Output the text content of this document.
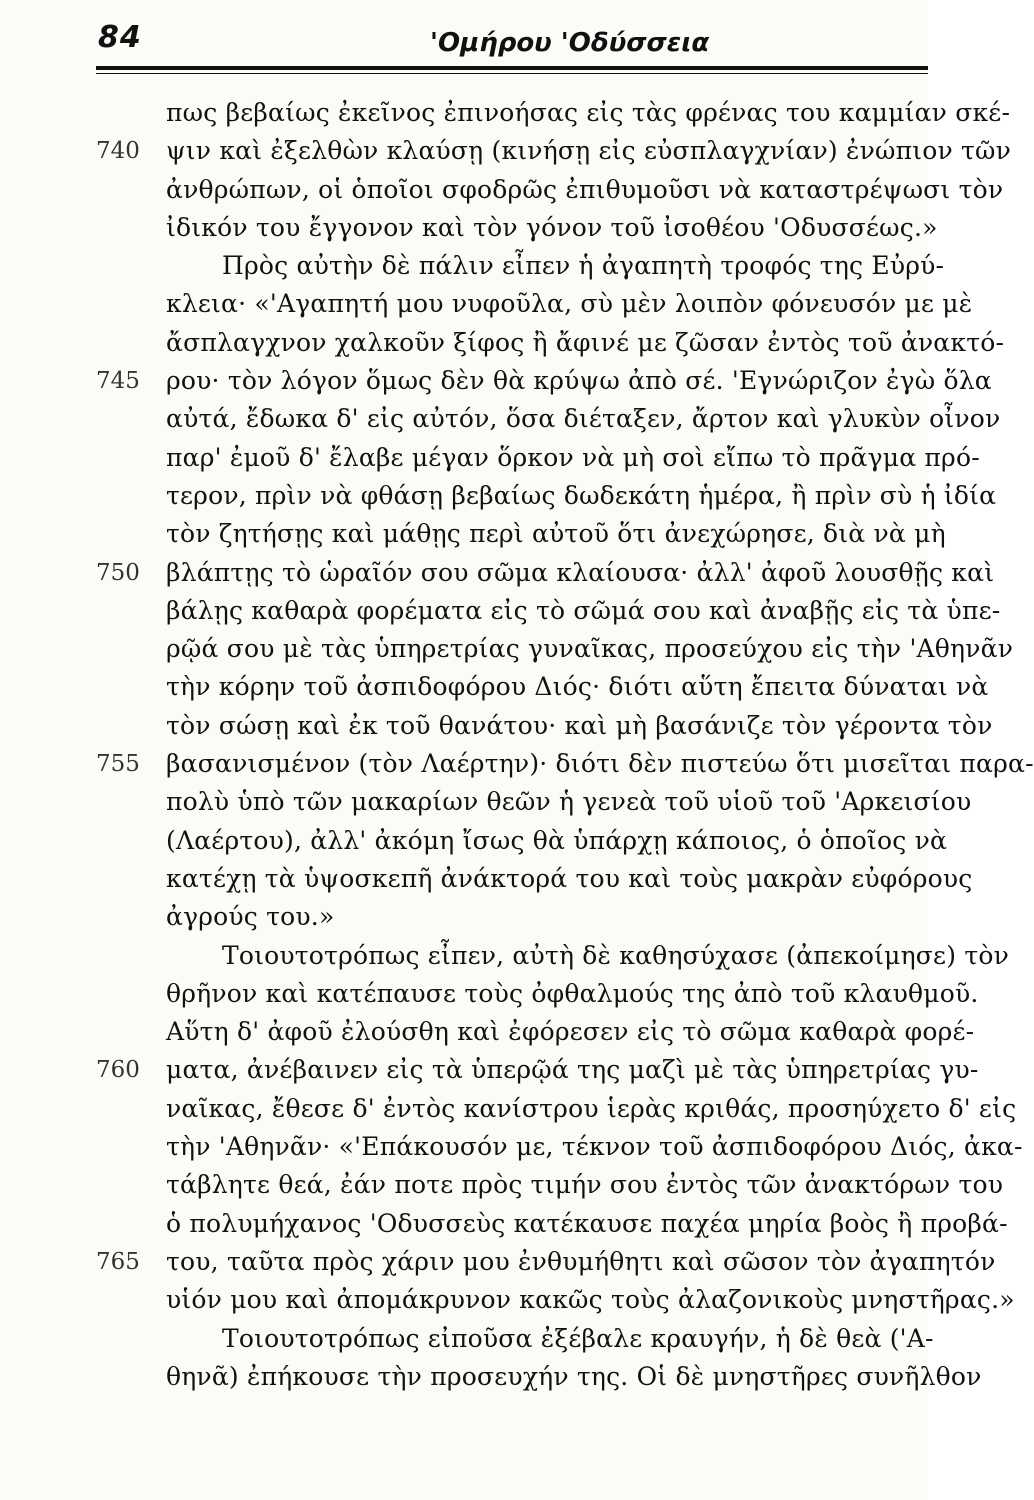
84	'Ομήρου 'Οδύσσεια
πως βεβαίως ἐκεῖνος ἐπινοήσας εἰς τὰς φρένας του καμμίαν σκέ-
740	ψιν καὶ ἐξελθὼν κλαύσῃ (κινήσῃ εἰς εὐσπλαγχνίαν) ἐνώπιον τῶν
ἀνθρώπων, οἱ ὁποῖοι σφοδρῶς ἐπιθυμοῦσι νὰ καταστρέψωσι τὸν
ἰδικόν του ἔγγονον καὶ τὸν γόνον τοῦ ἰσοθέου 'Οδυσσέως.»
Πρὸς αὐτὴν δὲ πάλιν εἶπεν ἡ ἀγαπητὴ τροφός της Εὐρύ-
κλεια· «'Αγαπητή μου νυφοῦλα, σὺ μὲν λοιπὸν φόνευσόν με μὲ
ἄσπλαγχνον χαλκοῦν ξίφος ἢ ἄφινέ με ζῶσαν ἐντὸς τοῦ ἀνακτό-
745	ρου· τὸν λόγον ὅμως δὲν θὰ κρύψω ἀπὸ σέ. 'Εγνώριζον ἐγὼ ὅλα
αὐτά, ἔδωκα δ' εἰς αὐτόν, ὅσα διέταξεν, ἄρτον καὶ γλυκὺν οἶνον
παρ' ἐμοῦ δ' ἔλαβε μέγαν ὅρκον νὰ μὴ σοὶ εἴπω τὸ πρᾶγμα πρό-
τερον, πρὶν νὰ φθάσῃ βεβαίως δωδεκάτη ἡμέρα, ἢ πρὶν σὺ ἡ ἰδία
τὸν ζητήσῃς καὶ μάθῃς περὶ αὐτοῦ ὅτι ἀνεχώρησε, διὰ νὰ μὴ
750	βλάπτῃς τὸ ὡραῖόν σου σῶμα κλαίουσα· ἀλλ' ἀφοῦ λουσθῇς καὶ
βάλῃς καθαρὰ φορέματα εἰς τὸ σῶμά σου καὶ ἀναβῇς εἰς τὰ ὑπε-
ρῷά σου μὲ τὰς ὑπηρετρίας γυναῖκας, προσεύχου εἰς τὴν 'Αθηνᾶν
τὴν κόρην τοῦ ἀσπιδοφόρου Διός· διότι αὕτη ἔπειτα δύναται νὰ
τὸν σώσῃ καὶ ἐκ τοῦ θανάτου· καὶ μὴ βασάνιζε τὸν γέροντα τὸν
755	βασανισμένον (τὸν Λαέρτην)· διότι δὲν πιστεύω ὅτι μισεῖται παρα-
πολὺ ὑπὸ τῶν μακαρίων θεῶν ἡ γενεὰ τοῦ υἱοῦ τοῦ 'Αρκεισίου
(Λαέρτου), ἀλλ' ἀκόμη ἴσως θὰ ὑπάρχῃ κάποιος, ὁ ὁποῖος νὰ
κατέχῃ τὰ ὑψοσκεπῆ ἀνάκτορά του καὶ τοὺς μακρὰν εὐφόρους
ἀγρούς του.»
Τοιουτοτρόπως εἶπεν, αὐτὴ δὲ καθησύχασε (ἀπεκοίμησε) τὸν
θρῆνον καὶ κατέπαυσε τοὺς ὀφθαλμούς της ἀπὸ τοῦ κλαυθμοῦ.
Αὕτη δ' ἀφοῦ ἐλούσθη καὶ ἐφόρεσεν εἰς τὸ σῶμα καθαρὰ φορέ-
760	ματα, ἀνέβαινεν εἰς τὰ ὑπερῷά της μαζὶ μὲ τὰς ὑπηρετρίας γυ-
ναῖκας, ἔθεσε δ' ἐντὸς κανίστρου ἱερὰς κριθάς, προσηύχετο δ' εἰς
τὴν 'Αθηνᾶν· «'Επάκουσόν με, τέκνον τοῦ ἀσπιδοφόρου Διός, ἀκα-
τάβλητε θεά, ἐάν ποτε πρὸς τιμήν σου ἐντὸς τῶν ἀνακτόρων του
ὁ πολυμήχανος 'Οδυσσεὺς κατέκαυσε παχέα μηρία βοὸς ἢ προβά-
765	του, ταῦτα πρὸς χάριν μου ἐνθυμήθητι καὶ σῶσον τὸν ἀγαπητόν
υἱόν μου καὶ ἀπομάκρυνον κακῶς τοὺς ἀλαζονικοὺς μνηστῆρας.»
Τοιουτοτρόπως εἰποῦσα ἐξέβαλε κραυγήν, ἡ δὲ θεὰ ('Α-
θηνᾶ) ἐπήκουσε τὴν προσευχήν της. Οἱ δὲ μνηστῆρες συνῆλθον
